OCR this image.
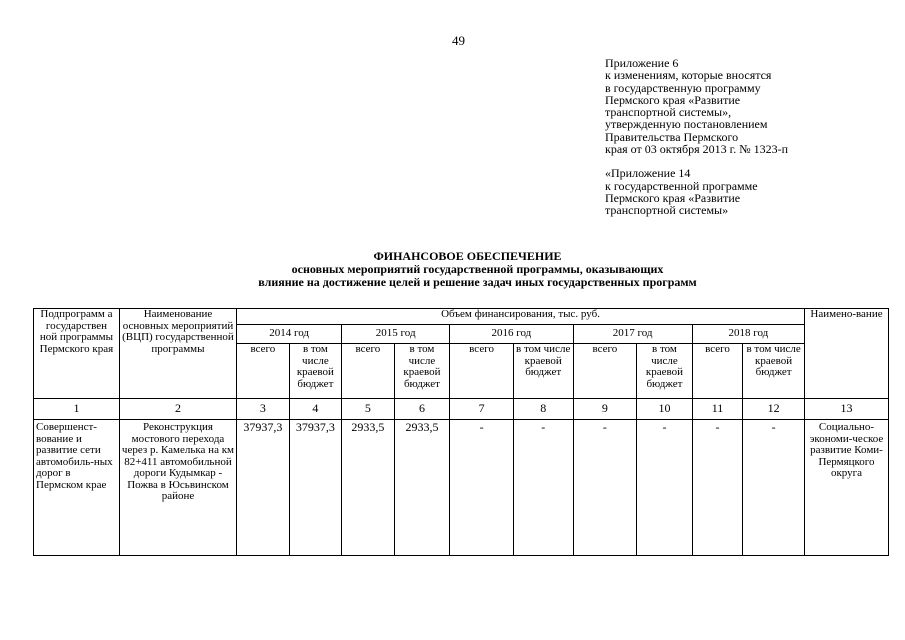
49
Приложение 6
к изменениям, которые вносятся
в государственную программу
Пермского края «Развитие
транспортной системы»,
утвержденную постановлением
Правительства Пермского
края от 03 октября 2013 г. № 1323-п
«Приложение 14
к государственной программе
Пермского края «Развитие
транспортной системы»
ФИНАНСОВОЕ ОБЕСПЕЧЕНИЕ
основных мероприятий государственной программы, оказывающих
влияние на достижение целей и решение задач иных государственных программ
Подпрограмм а государствен ной программы Пермского края	Наименование основных мероприятий (ВЦП) государственной программы	Объем финансирования, тыс. руб.										Наимено-вание
		2014 год		2015 год		2016 год		2017 год		2018 год		
		всего	в том числе краевой бюджет	всего	в том числе краевой бюджет	всего	в том числе краевой бюджет	всего	в том числе краевой бюджет	всего	в том числе краевой бюджет	
1	2	3	4	5	6	7	8	9	10	11	12	13
Совершенст-вование и развитие сети автомобиль-ных дорог в Пермском крае	Реконструкция мостового перехода через р. Камелька на км 82+411 автомобильной дороги Кудымкар - Пожва в Юсьвинском районе	37937,3	37937,3	2933,5	2933,5	-	-	-	-	-	-	Социально-экономи-ческое развитие Коми-Пермяцкого округа
